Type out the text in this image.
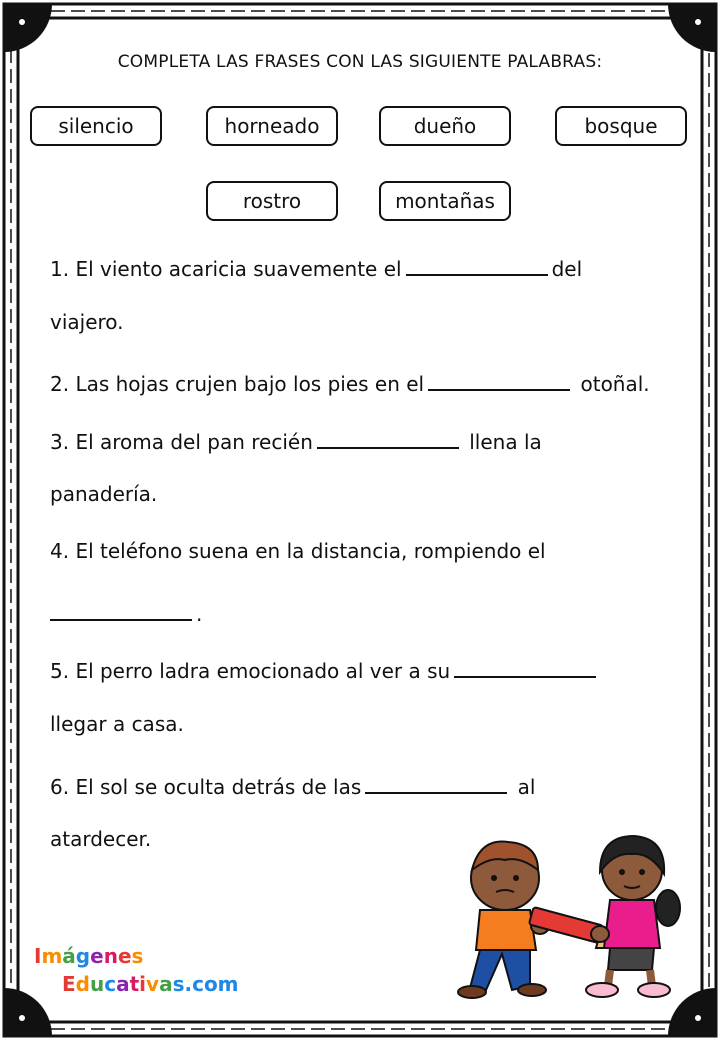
COMPLETA LAS FRASES CON LAS SIGUIENTE PALABRAS:
silencio	horneado	dueño	bosque
rostro	montañas
1. El viento acaricia suavemente el	del
viajero.
2. Las hojas crujen bajo los pies en el	otoñal.
3. El aroma del pan recién	llena la
panadería.
4. El teléfono suena en la distancia, rompiendo el
.
5. El perro ladra emocionado al ver a su
llegar a casa.
6. El sol se oculta detrás de las	al
atardecer.
Imágenes
Educativas.com
